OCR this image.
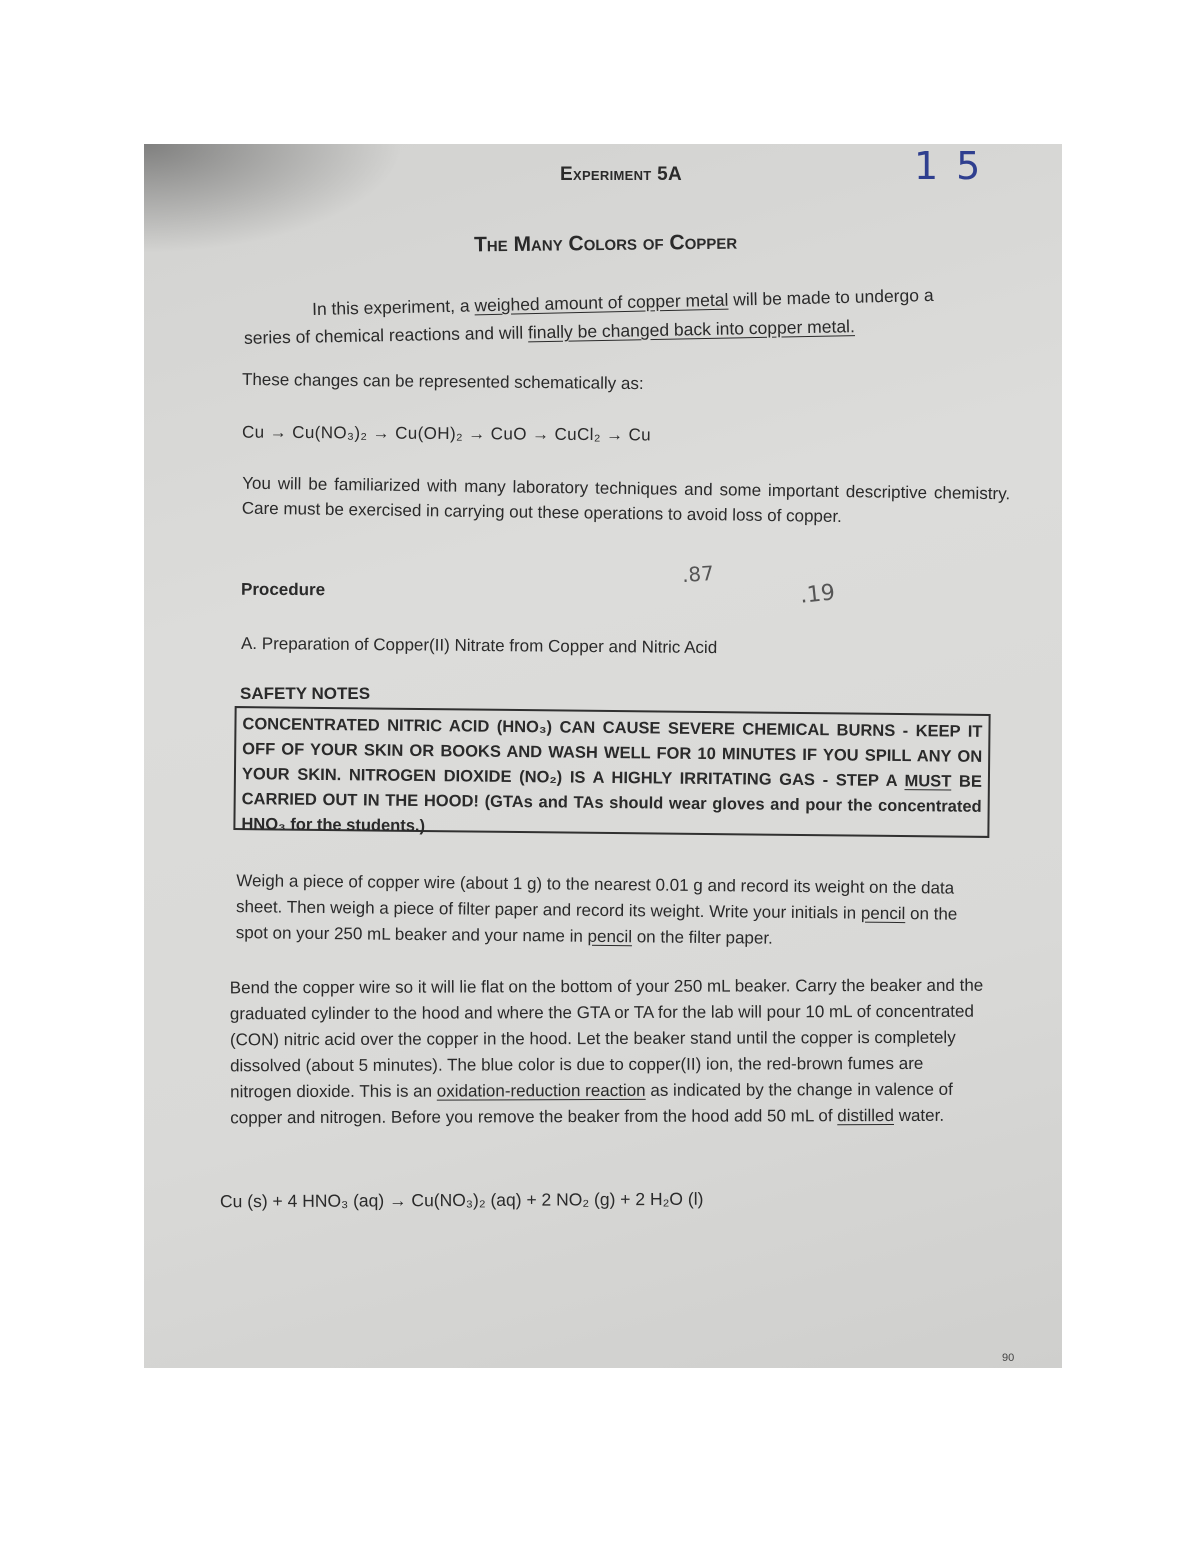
15
Experiment 5A
The Many Colors of Copper
In this experiment, a weighed amount of copper metal will be made to undergo a
series of chemical reactions and will finally be changed back into copper metal.
These changes can be represented schematically as:
Cu → Cu(NO₃)₂ → Cu(OH)₂ → CuO → CuCl₂ → Cu
You will be familiarized with many laboratory techniques and some important descriptive chemistry. Care must be exercised in carrying out these operations to avoid loss of copper.
Procedure
.87
.19
A. Preparation of Copper(II) Nitrate from Copper and Nitric Acid
SAFETY NOTES
CONCENTRATED NITRIC ACID (HNO₃) CAN CAUSE SEVERE CHEMICAL BURNS - KEEP IT OFF OF YOUR SKIN OR BOOKS AND WASH WELL FOR 10 MINUTES IF YOU SPILL ANY ON YOUR SKIN. NITROGEN DIOXIDE (NO₂) IS A HIGHLY IRRITATING GAS - STEP A MUST BE CARRIED OUT IN THE HOOD! (GTAs and TAs should wear gloves and pour the concentrated HNO₃ for the students.)
Weigh a piece of copper wire (about 1 g) to the nearest 0.01 g and record its weight on the data sheet. Then weigh a piece of filter paper and record its weight. Write your initials in pencil on the spot on your 250 mL beaker and your name in pencil on the filter paper.
Bend the copper wire so it will lie flat on the bottom of your 250 mL beaker. Carry the beaker and the graduated cylinder to the hood and where the GTA or TA for the lab will pour 10 mL of concentrated (CON) nitric acid over the copper in the hood. Let the beaker stand until the copper is completely dissolved (about 5 minutes). The blue color is due to copper(II) ion, the red-brown fumes are nitrogen dioxide. This is an oxidation-reduction reaction as indicated by the change in valence of copper and nitrogen. Before you remove the beaker from the hood add 50 mL of distilled water.
Cu (s) + 4 HNO₃ (aq) → Cu(NO₃)₂ (aq) + 2 NO₂ (g) + 2 H₂O (l)
90
